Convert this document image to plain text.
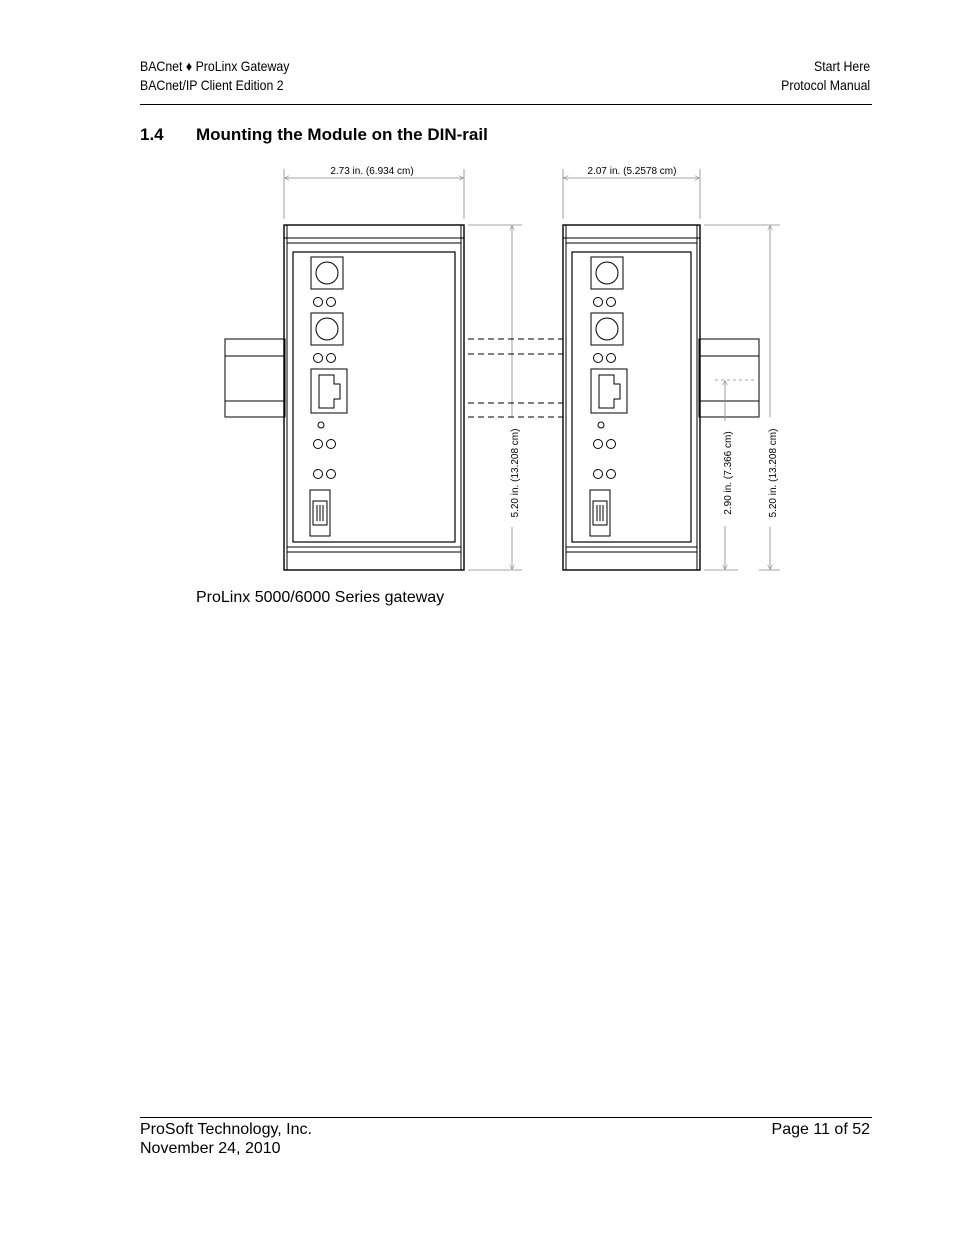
BACnet ♦ ProLinx Gateway
BACnet/IP Client Edition 2
Start Here
Protocol Manual
1.4 Mounting the Module on the DIN-rail
2.73 in. (6.934 cm)
5.20 in. (13.208 cm)
2.07 in. (5.2578 cm)
2.90 in. (7.366 cm)	5.20 in. (13.208 cm)
ProLinx 5000/6000 Series gateway
ProSoft Technology, Inc.
November 24, 2010
Page 11 of 52
